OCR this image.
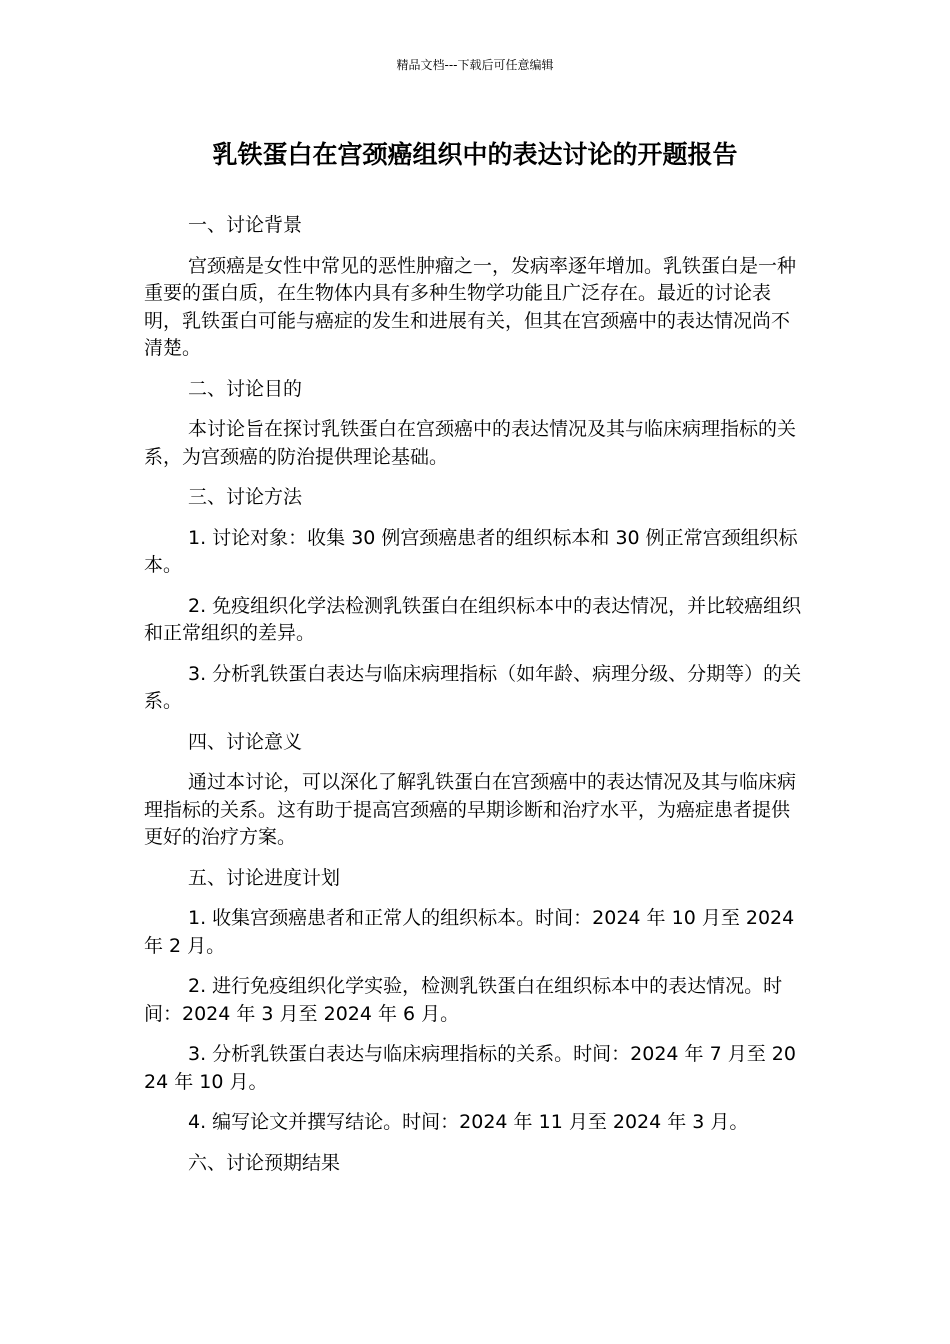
精品文档---下载后可任意编辑
乳铁蛋白在宫颈癌组织中的表达讨论的开题报告

一、讨论背景

宫颈癌是女性中常见的恶性肿瘤之一，发病率逐年增加。乳铁蛋白是一种重要的蛋白质，在生物体内具有多种生物学功能且广泛存在。最近的讨论表明，乳铁蛋白可能与癌症的发生和进展有关，但其在宫颈癌中的表达情况尚不清楚。

二、讨论目的

本讨论旨在探讨乳铁蛋白在宫颈癌中的表达情况及其与临床病理指标的关系，为宫颈癌的防治提供理论基础。

三、讨论方法

1. 讨论对象：收集 30 例宫颈癌患者的组织标本和 30 例正常宫颈组织标本。

2. 免疫组织化学法检测乳铁蛋白在组织标本中的表达情况，并比较癌组织和正常组织的差异。

3. 分析乳铁蛋白表达与临床病理指标（如年龄、病理分级、分期等）的关系。

四、讨论意义

通过本讨论，可以深化了解乳铁蛋白在宫颈癌中的表达情况及其与临床病理指标的关系。这有助于提高宫颈癌的早期诊断和治疗水平，为癌症患者提供更好的治疗方案。

五、讨论进度计划

1. 收集宫颈癌患者和正常人的组织标本。时间：2024 年 10 月至 2024 年 2 月。

2. 进行免疫组织化学实验，检测乳铁蛋白在组织标本中的表达情况。时间：2024 年 3 月至 2024 年 6 月。

3. 分析乳铁蛋白表达与临床病理指标的关系。时间：2024 年 7 月至 2024 年 10 月。

4. 编写论文并撰写结论。时间：2024 年 11 月至 2024 年 3 月。

六、讨论预期结果
